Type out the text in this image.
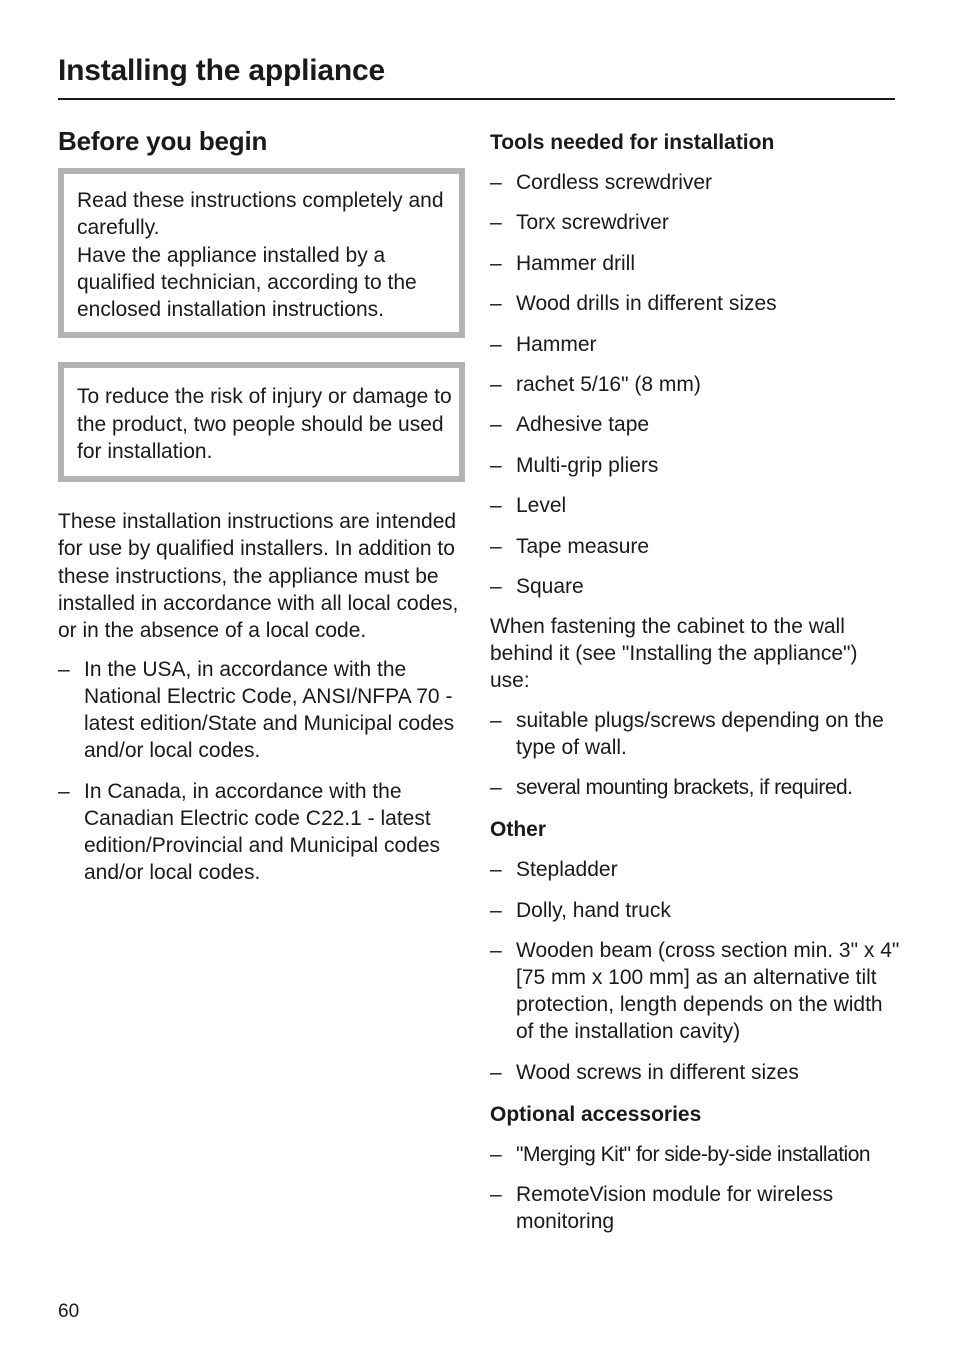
Installing the appliance
Before you begin

Read these instructions completely and carefully.

Have the appliance installed by a qualified technician, according to the enclosed installation instructions.

To reduce the risk of injury or damage to the product, two people should be used for installation.

These installation instructions are intended for use by qualified installers. In addition to these instructions, the appliance must be installed in accordance with all local codes, or in the absence of a local code.

– In the USA, in accordance with the National Electric Code, ANSI/NFPA 70 - latest edition/State and Municipal codes and/or local codes.
– In Canada, in accordance with the Canadian Electric code C22.1 - latest edition/Provincial and Municipal codes and/or local codes.
Tools needed for installation
– Cordless screwdriver
– Torx screwdriver
– Hammer drill
– Wood drills in different sizes
– Hammer
– rachet 5/16" (8 mm)
– Adhesive tape
– Multi-grip pliers
– Level
– Tape measure
– Square

When fastening the cabinet to the wall behind it (see "Installing the appliance") use:

– suitable plugs/screws depending on the type of wall.
– several mounting brackets, if required.
Other
– Stepladder
– Dolly, hand truck
– Wooden beam (cross section min. 3" x 4" [75 mm x 100 mm] as an alternative tilt protection, length depends on the width of the installation cavity)
– Wood screws in different sizes
Optional accessories
– "Merging Kit" for side-by-side installation
– RemoteVision module for wireless monitoring

60
